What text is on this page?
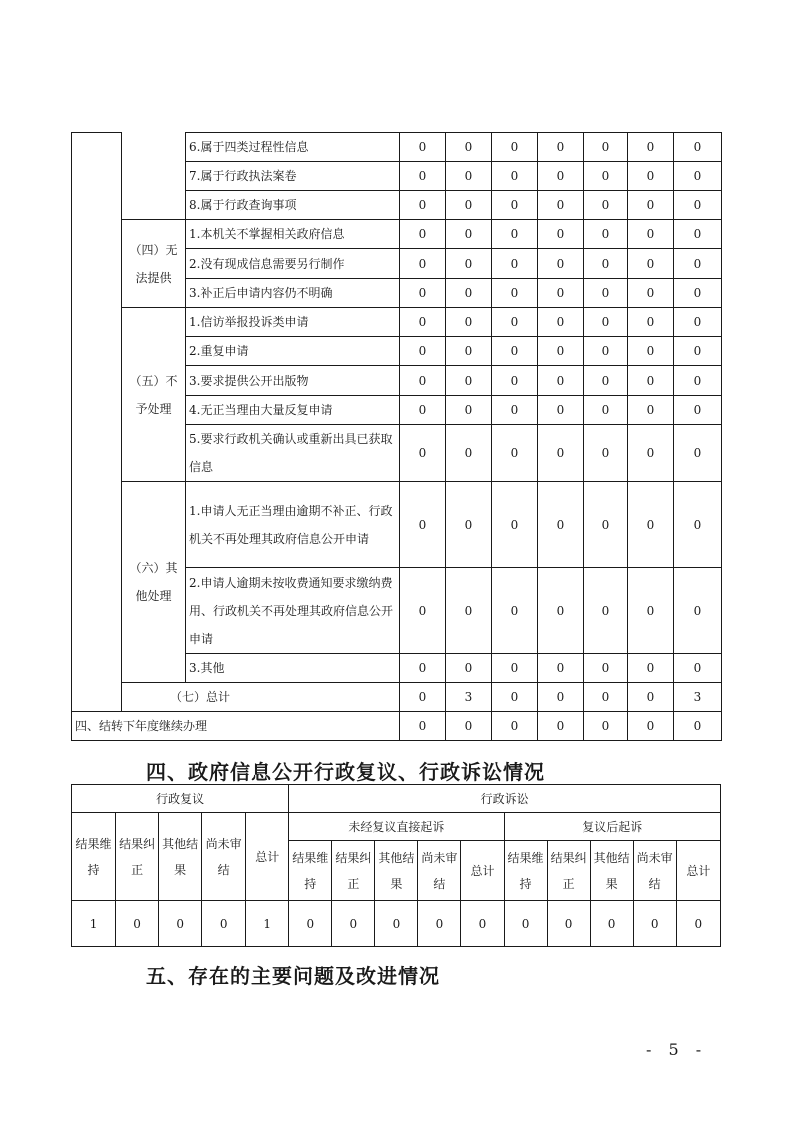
		6.属于四类过程性信息	0	0	0	0	0	0	0
		7.属于行政执法案卷	0	0	0	0	0	0	0
		8.属于行政查询事项	0	0	0	0	0	0	0
	（四）无法提供	1.本机关不掌握相关政府信息	0	0	0	0	0	0	0
		2.没有现成信息需要另行制作	0	0	0	0	0	0	0
		3.补正后申请内容仍不明确	0	0	0	0	0	0	0
	（五）不予处理	1.信访举报投诉类申请	0	0	0	0	0	0	0
		2.重复申请	0	0	0	0	0	0	0
		3.要求提供公开出版物	0	0	0	0	0	0	0
		4.无正当理由大量反复申请	0	0	0	0	0	0	0
		5.要求行政机关确认或重新出具已获取信息	0	0	0	0	0	0	0
	（六）其他处理	1.申请人无正当理由逾期不补正、行政机关不再处理其政府信息公开申请	0	0	0	0	0	0	0
		2.申请人逾期未按收费通知要求缴纳费用、行政机关不再处理其政府信息公开申请	0	0	0	0	0	0	0
		3.其他	0	0	0	0	0	0	0
	（七）总计		0	3	0	0	0	0	3
四、结转下年度继续办理			0	0	0	0	0	0	0
四、政府信息公开行政复议、行政诉讼情况
行政复议					行政诉讼									
结果维持	结果纠正	其他结果	尚未审结	总计	未经复议直接起诉					复议后起诉				
					结果维持	结果纠正	其他结果	尚未审结	总计	结果维持	结果纠正	其他结果	尚未审结	总计
1	0	0	0	1	0	0	0	0	0	0	0	0	0	0
五、存在的主要问题及改进情况
- 5 -
